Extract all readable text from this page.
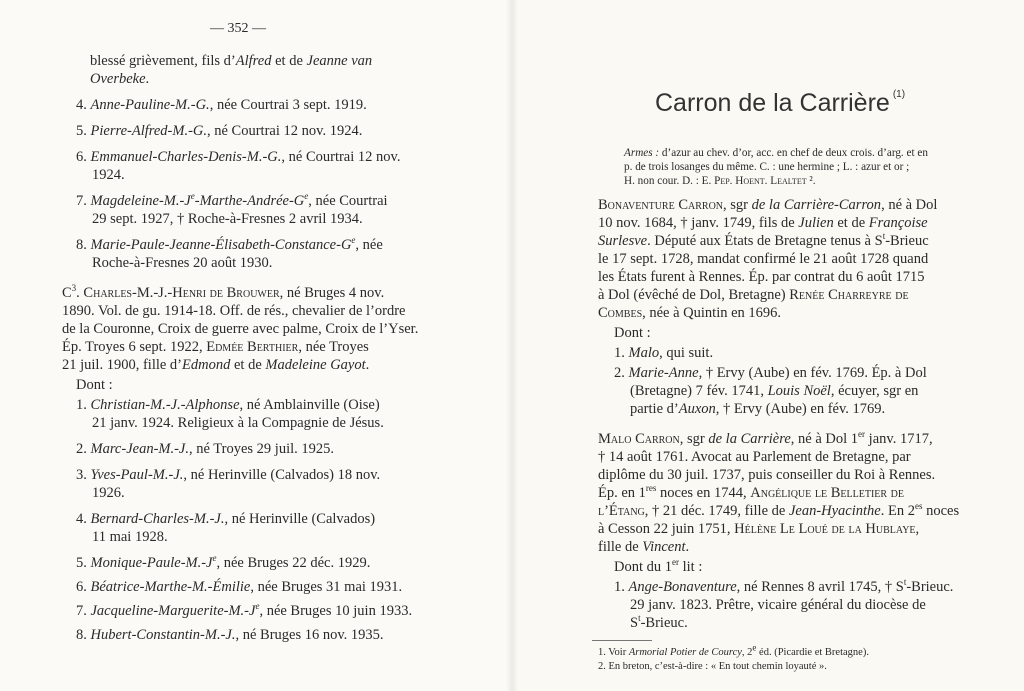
— 352 —
blessé grièvement, fils d’Alfred et de Jeanne van
Overbeke.
4. Anne-Pauline-M.-G., née Courtrai 3 sept. 1919.
5. Pierre-Alfred-M.-G., né Courtrai 12 nov. 1924.
6. Emmanuel-Charles-Denis-M.-G., né Courtrai 12 nov.
1924.
7. Magdeleine-$M.-J^e-Marthe-Andrée-G^e$, née Courtrai
29 sept. 1927, † Roche-à-Fresnes 2 avril 1934.
8. Marie-$Paule-Jeanne-Élisabeth-Constance-G^e$, née
Roche-à-Fresnes 20 août 1930.
$C^3$. Charles-M.-J.-Henri de Brouwer, né Bruges 4 nov.
1890. Vol. de gu. 1914-18. Off. de rés., chevalier de l’ordre
de la Couronne, Croix de guerre avec palme, Croix de l’Yser.
Ép. Troyes 6 sept. 1922, Edmée Berthier, née Troyes
21 juil. 1900, fille d’Edmond et de Madeleine Gayot.
Dont :
1. Christian-M.-J.-Alphonse, né Amblainville (Oise)
21 janv. 1924. Religieux à la Compagnie de Jésus.
2. Marc-Jean-M.-J., né Troyes 29 juil. 1925.
3. Yves-Paul-M.-J., né Herinville (Calvados) 18 nov.
1926.
4. Bernard-Charles-M.-J., né Herinville (Calvados)
11 mai 1928.
5. Monique-$Paule-M.-J^e$, née Bruges 22 déc. 1929.
6. Béatrice-Marthe-M.-Émilie, née Bruges 31 mai 1931.
7. Jacqueline-$Marguerite-M.-J^e$, née Bruges 10 juin 1933.
8. Hubert-Constantin-M.-J., né Bruges 16 nov. 1935.
Carron de la Carrière $^{(1)}$
Armes : d’azur au chev. d’or, acc. en chef de deux crois. d’arg. et en
p. de trois losanges du même. C. : une hermine ; L. : azur et or ;
H. non cour. D. : E. Pep. Hoent. Lealtet ².
Bonaventure Carron, sgr de la Carrière-Carron, né à Dol
10 nov. 1684, † janv. 1749, fils de Julien et de Françoise
Surlesve. Député aux États de Bretagne tenus à $S^t$-Brieuc
le 17 sept. 1728, mandat confirmé le 21 août 1728 quand
les États furent à Rennes. Ép. par contrat du 6 août 1715
à Dol (évêché de Dol, Bretagne) Renée Charreyre de
Combes, née à Quintin en 1696.
Dont :
1. Malo, qui suit.
2. Marie-Anne, † Ervy (Aube) en fév. 1769. Ép. à Dol
(Bretagne) 7 fév. 1741, Louis Noël, écuyer, sgr en
partie d’Auxon, † Ervy (Aube) en fév. 1769.
Malo Carron, sgr de la Carrière, né à Dol 1er janv. 1717,
† 14 août 1761. Avocat au Parlement de Bretagne, par
diplôme du 30 juil. 1737, puis conseiller du Roi à Rennes.
Ép. en 1res noces en 1744, Angélique le Belletier de
l’Étang, † 21 déc. 1749, fille de Jean-Hyacinthe. En $2^{es}$ noces
à Cesson 22 juin 1751, Hélène Le Loué de la Hublaye,
fille de Vincent.
Dont du 1er lit :
1. Ange-Bonaventure, né Rennes 8 avril 1745, † $S^t$-Brieuc.
29 janv. 1823. Prêtre, vicaire général du diocèse de
$S^t$-Brieuc.
1. Voir Armorial Potier de Courcy, 2e éd. (Picardie et Bretagne).
2. En breton, c’est-à-dire : « En tout chemin loyauté ».
